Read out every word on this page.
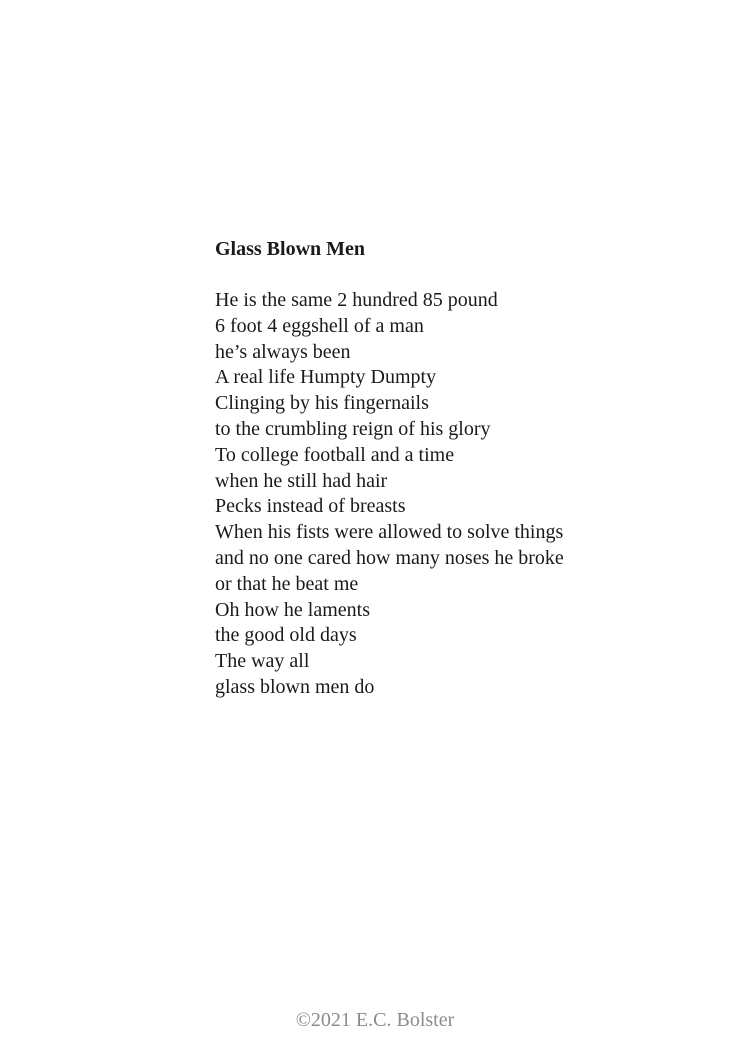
Glass Blown Men

He is the same 2 hundred 85 pound

6 foot 4 eggshell of a man

he’s always been

A real life Humpty Dumpty

Clinging by his fingernails

to the crumbling reign of his glory

To college football and a time

when he still had hair

Pecks instead of breasts

When his fists were allowed to solve things

and no one cared how many noses he broke

or that he beat me

Oh how he laments

the good old days

The way all

glass blown men do

©2021 E.C. Bolster
